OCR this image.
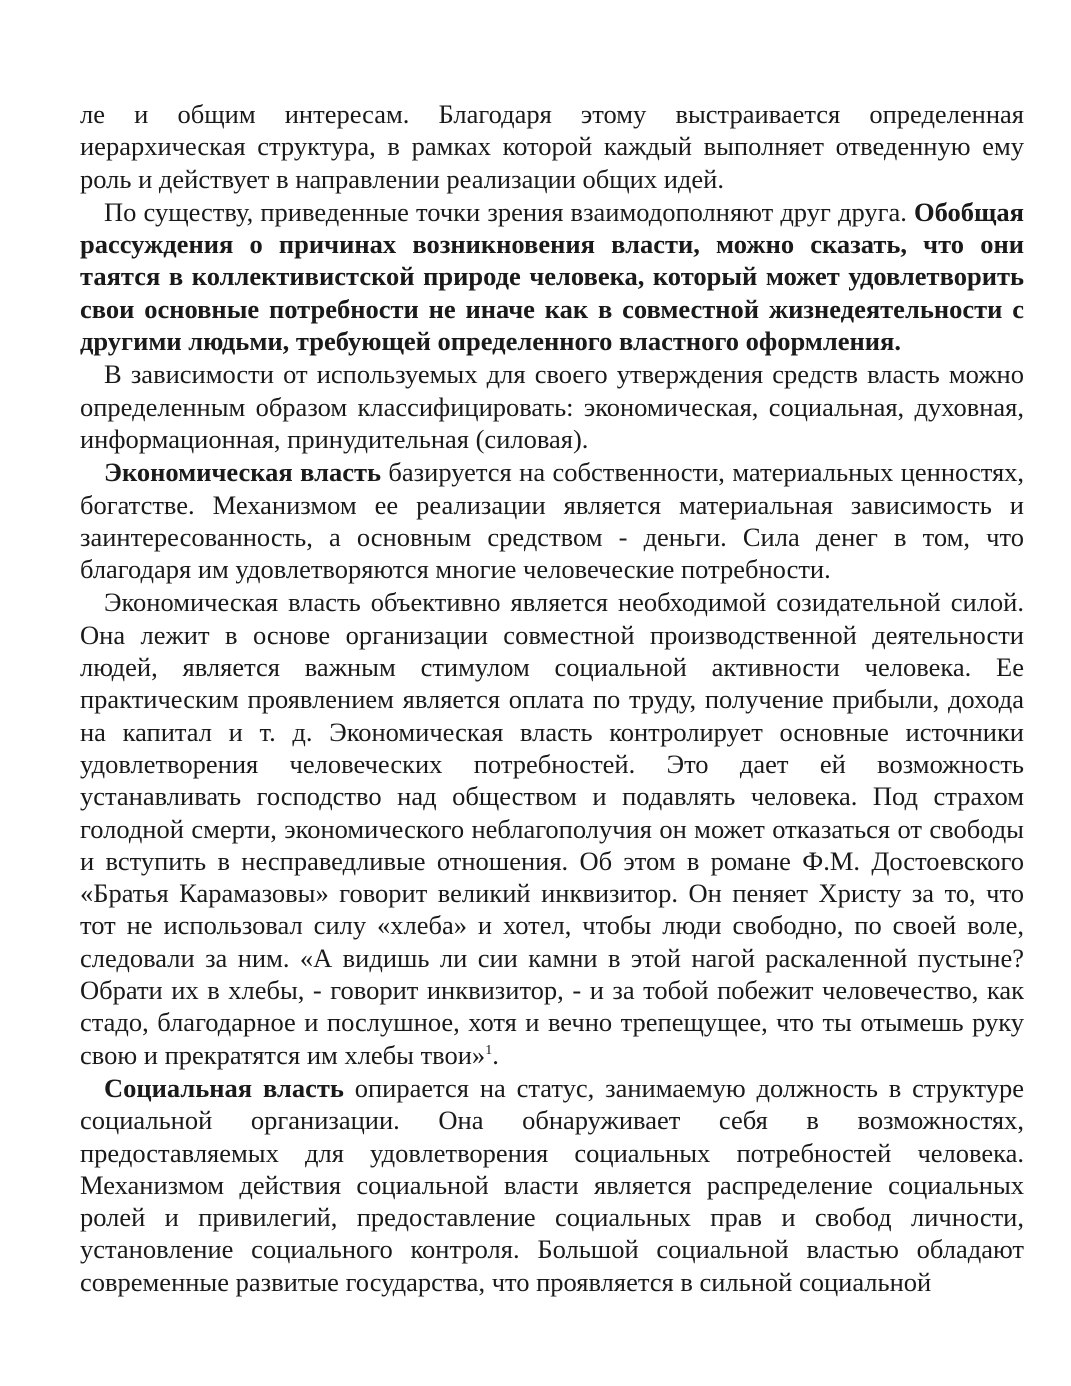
ле и общим интересам. Благодаря этому выстраивается определенная иерархическая структура, в рамках которой каждый выполняет отведенную ему роль и действует в направлении реализации общих идей.

По существу, приведенные точки зрения взаимодополняют друг друга. Обобщая рассуждения о причинах возникновения власти, можно сказать, что они таятся в коллективистской природе человека, который может удовлетворить свои основные потребности не иначе как в совместной жизнедеятельности с другими людьми, требующей определенного властного оформления.

В зависимости от используемых для своего утверждения средств власть можно определенным образом классифицировать: экономическая, социальная, духовная, информационная, принудительная (силовая).

Экономическая власть базируется на собственности, материальных ценностях, богатстве. Механизмом ее реализации является материальная зависимость и заинтересованность, а основным средством - деньги. Сила денег в том, что благодаря им удовлетворяются многие человеческие потребности.

Экономическая власть объективно является необходимой созидательной силой. Она лежит в основе организации совместной производственной деятельности людей, является важным стимулом социальной активности человека. Ее практическим проявлением является оплата по труду, получение прибыли, дохода на капитал и т. д. Экономическая власть контролирует основные источники удовлетворения человеческих потребностей. Это дает ей возможность устанавливать господство над обществом и подавлять человека. Под страхом голодной смерти, экономического неблагополучия он может отказаться от свободы и вступить в несправедливые отношения. Об этом в романе Ф.М. Достоевского «Братья Карамазовы» говорит великий инквизитор. Он пеняет Христу за то, что тот не использовал силу «хлеба» и хотел, чтобы люди свободно, по своей воле, следовали за ним. «А видишь ли сии камни в этой нагой раскаленной пустыне? Обрати их в хлебы, - говорит инквизитор, - и за тобой побежит человечество, как стадо, благодарное и послушное, хотя и вечно трепещущее, что ты отымешь руку свою и прекратятся им хлебы твои»$^1$.

Социальная власть опирается на статус, занимаемую должность в структуре социальной организации. Она обнаруживает себя в возможностях, предоставляемых для удовлетворения социальных потребностей человека. Механизмом действия социальной власти является распределение социальных ролей и привилегий, предоставление социальных прав и свобод личности, установление социального контроля. Большой социальной властью обладают современные развитые государства, что проявляется в сильной социальной
